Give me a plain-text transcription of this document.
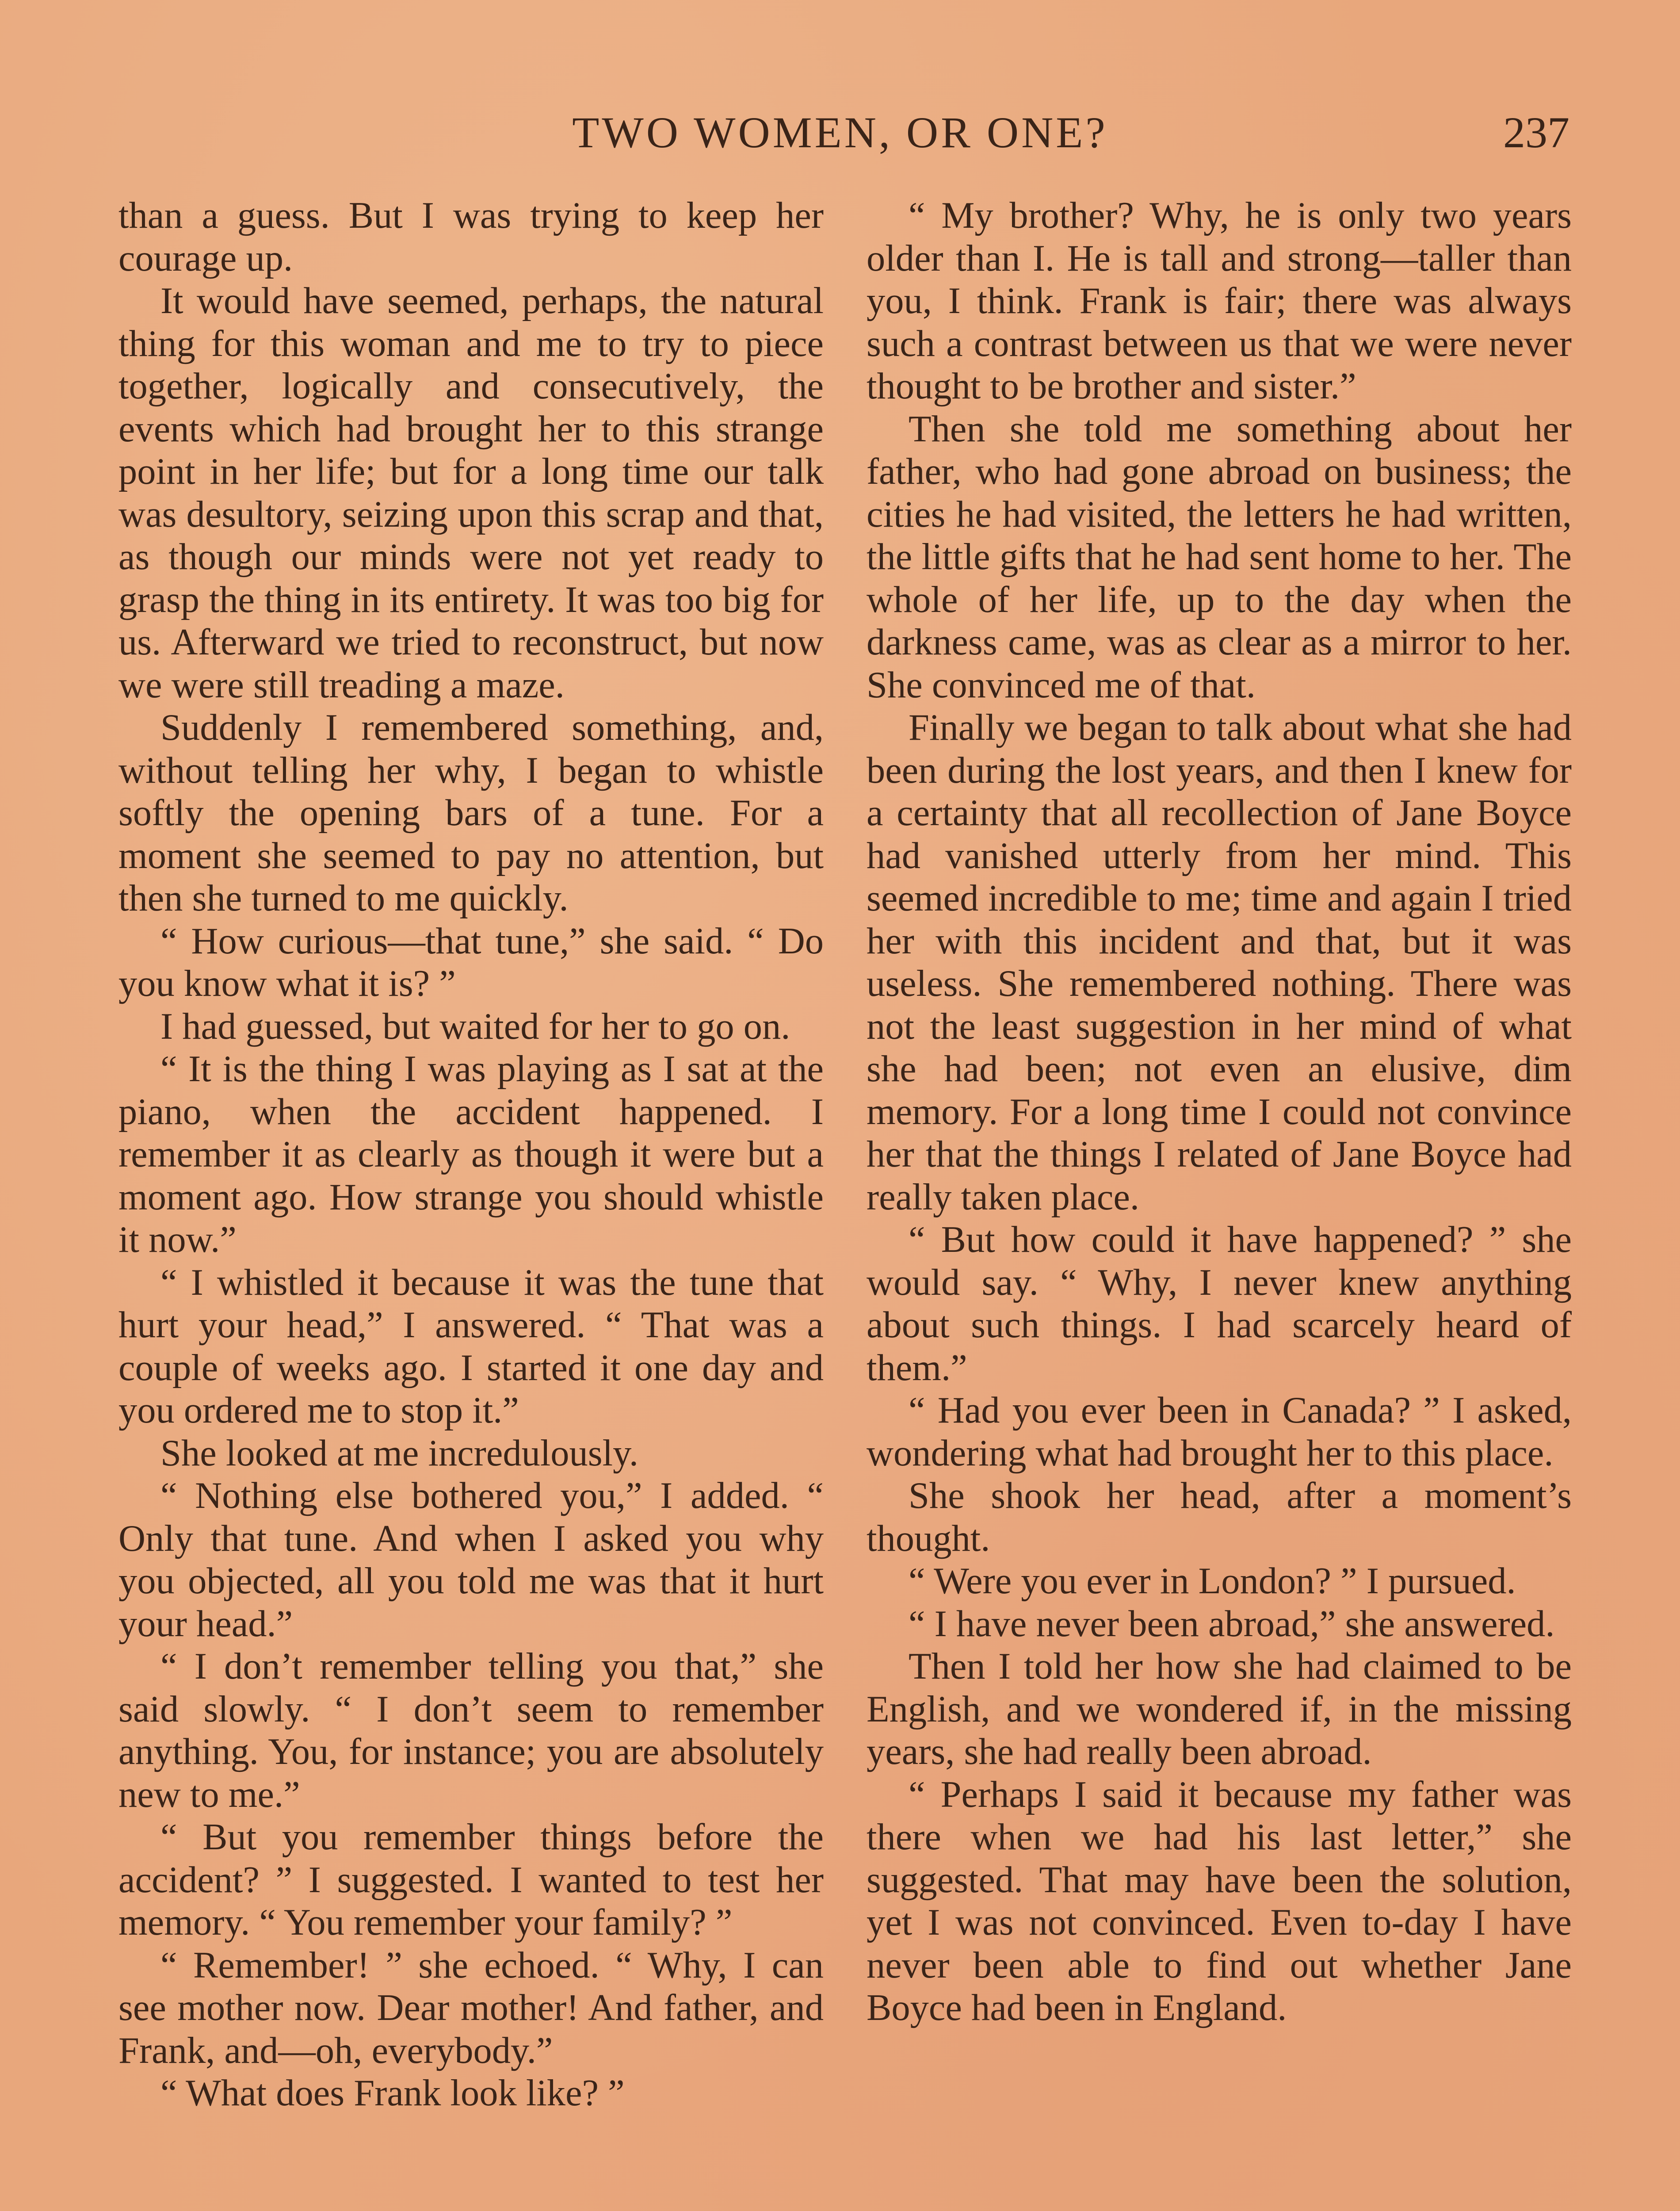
TWO WOMEN, OR ONE?	237

than a guess. But I was trying to keep her courage up.

It would have seemed, perhaps, the natural thing for this woman and me to try to piece together, logically and consecutively, the events which had brought her to this strange point in her life; but for a long time our talk was desultory, seizing upon this scrap and that, as though our minds were not yet ready to grasp the thing in its entirety. It was too big for us. Afterward we tried to reconstruct, but now we were still treading a maze.

Suddenly I remembered something, and, without telling her why, I began to whistle softly the opening bars of a tune. For a moment she seemed to pay no attention, but then she turned to me quickly.

“ How curious—that tune,” she said. “ Do you know what it is? ”

I had guessed, but waited for her to go on.

“ It is the thing I was playing as I sat at the piano, when the accident happened. I remember it as clearly as though it were but a moment ago. How strange you should whistle it now.”

“ I whistled it because it was the tune that hurt your head,” I answered. “ That was a couple of weeks ago. I started it one day and you ordered me to stop it.”

She looked at me incredulously.

“ Nothing else bothered you,” I added. “ Only that tune. And when I asked you why you objected, all you told me was that it hurt your head.”

“ I don’t remember telling you that,” she said slowly. “ I don’t seem to remember anything. You, for instance; you are absolutely new to me.”

“ But you remember things before the accident? ” I suggested. I wanted to test her memory. “ You remember your family? ”

“ Remember! ” she echoed. “ Why, I can see mother now. Dear mother! And father, and Frank, and—oh, everybody.”

“ What does Frank look like? ”

“ My brother? Why, he is only two years older than I. He is tall and strong—taller than you, I think. Frank is fair; there was always such a contrast between us that we were never thought to be brother and sister.”

Then she told me something about her father, who had gone abroad on business; the cities he had visited, the letters he had written, the little gifts that he had sent home to her. The whole of her life, up to the day when the darkness came, was as clear as a mirror to her. She convinced me of that.

Finally we began to talk about what she had been during the lost years, and then I knew for a certainty that all recollection of Jane Boyce had vanished utterly from her mind. This seemed incredible to me; time and again I tried her with this incident and that, but it was useless. She remembered nothing. There was not the least suggestion in her mind of what she had been; not even an elusive, dim memory. For a long time I could not convince her that the things I related of Jane Boyce had really taken place.

“ But how could it have happened? ” she would say. “ Why, I never knew anything about such things. I had scarcely heard of them.”

“ Had you ever been in Canada? ” I asked, wondering what had brought her to this place.

She shook her head, after a moment’s thought.

“ Were you ever in London? ” I pursued.

“ I have never been abroad,” she answered.

Then I told her how she had claimed to be English, and we wondered if, in the missing years, she had really been abroad.

“ Perhaps I said it because my father was there when we had his last letter,” she suggested. That may have been the solution, yet I was not convinced. Even to-day I have never been able to find out whether Jane Boyce had been in England.
